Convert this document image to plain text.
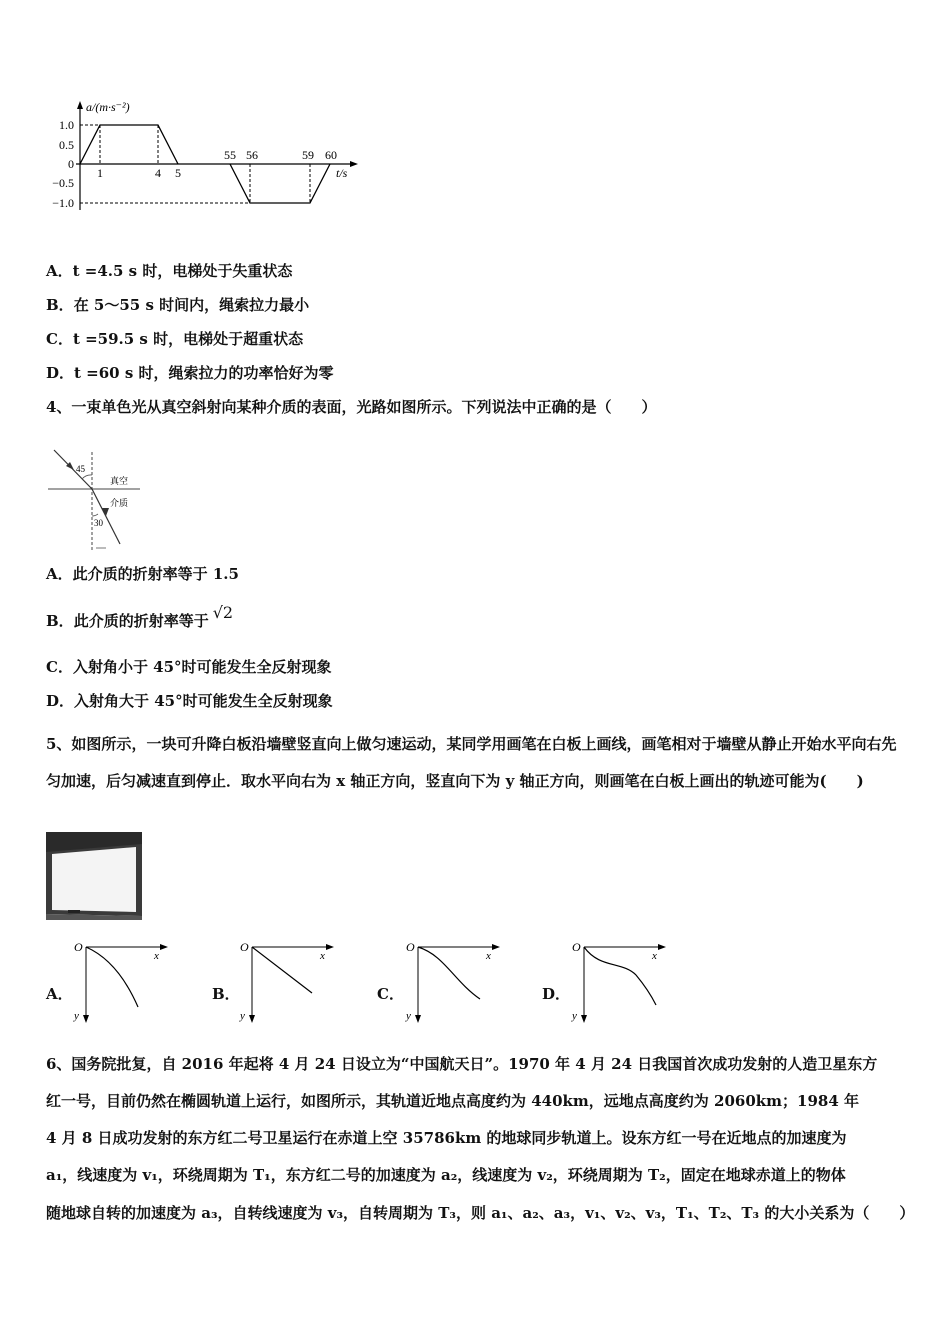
a/(m·s⁻²)
t/s
1.0
0.5
0
−0.5
−1.0
1	4 5
55 56	59 60
A．t =4.5 s 时，电梯处于失重状态
B．在 5～55 s 时间内，绳索拉力最小
C．t =59.5 s 时，电梯处于超重状态
D．t =60 s 时，绳索拉力的功率恰好为零
4、一束单色光从真空斜射向某种介质的表面，光路如图所示。下列说法中正确的是（　　）
45
30
真空
介质
A．此介质的折射率等于 1.5
B．此介质的折射率等于 √2
C．入射角小于 45°时可能发生全反射现象
D．入射角大于 45°时可能发生全反射现象
5、如图所示，一块可升降白板沿墙壁竖直向上做匀速运动，某同学用画笔在白板上画线，画笔相对于墙壁从静止开始水平向右先匀加速，后匀减速直到停止．取水平向右为 x 轴正方向，竖直向下为 y 轴正方向，则画笔在白板上画出的轨迹可能为(　　)
O
x
y
O
x
y
O
x
y
O
x
y
A．	B．	C．	D．
6、国务院批复，自 2016 年起将 4 月 24 日设立为“中国航天日”。1970 年 4 月 24 日我国首次成功发射的人造卫星东方
红一号，目前仍然在椭圆轨道上运行，如图所示，其轨道近地点高度约为 440km，远地点高度约为 2060km；1984 年
4 月 8 日成功发射的东方红二号卫星运行在赤道上空 35786km 的地球同步轨道上。设东方红一号在近地点的加速度为
a₁，线速度为 v₁，环绕周期为 T₁，东方红二号的加速度为 a₂，线速度为 v₂，环绕周期为 T₂，固定在地球赤道上的物体
随地球自转的加速度为 a₃，自转线速度为 v₃，自转周期为 T₃，则 a₁、a₂、a₃，v₁、v₂、v₃，T₁、T₂、T₃ 的大小关系为（　　）
